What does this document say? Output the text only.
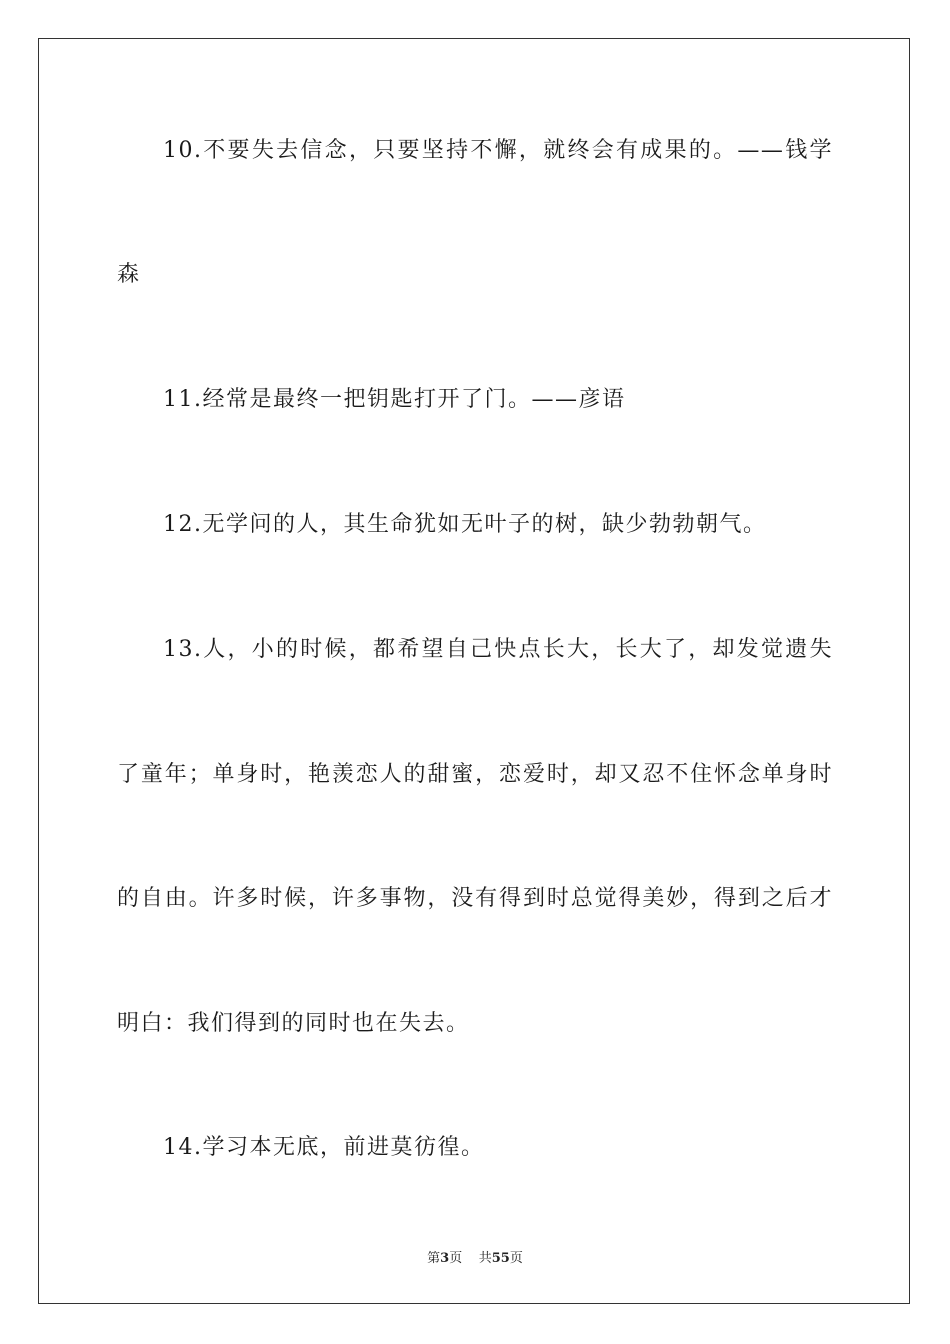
10.不要失去信念，只要坚持不懈，就终会有成果的。——钱学
森
11.经常是最终一把钥匙打开了门。——彦语
12.无学问的人，其生命犹如无叶子的树，缺少勃勃朝气。
13.人，小的时候，都希望自己快点长大，长大了，却发觉遗失
了童年；单身时，艳羡恋人的甜蜜，恋爱时，却又忍不住怀念单身时
的自由。许多时候，许多事物，没有得到时总觉得美妙，得到之后才
明白：我们得到的同时也在失去。
14.学习本无底，前进莫彷徨。
第3页 共55页
